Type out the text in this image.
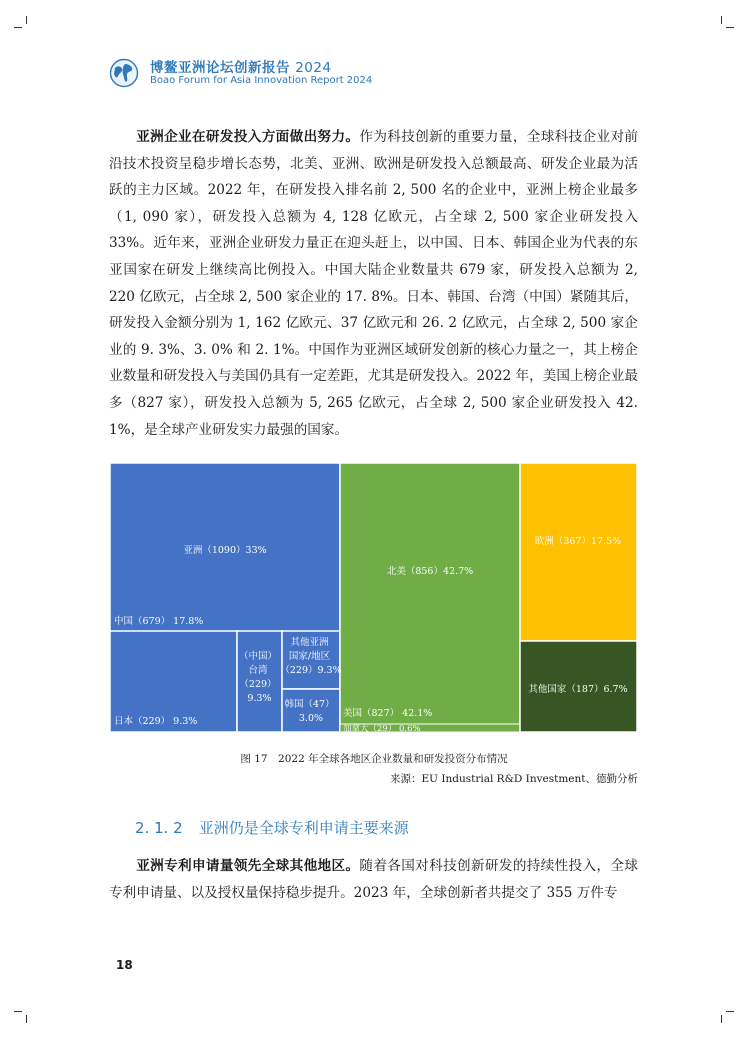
博鳌亚洲论坛创新报告 2024
Boao Forum for Asia Innovation Report 2024
亚洲企业在研发投入方面做出努力。作为科技创新的重要力量，全球科技企业对前沿技术投资呈稳步增长态势，北美、亚洲、欧洲是研发投入总额最高、研发企业最为活跃的主力区域。2022 年，在研发投入排名前 2, 500 名的企业中，亚洲上榜企业最多（1, 090 家），研发投入总额为 4, 128 亿欧元，占全球 2, 500 家企业研发投入 33%。近年来，亚洲企业研发力量正在迎头赶上，以中国、日本、韩国企业为代表的东亚国家在研发上继续高比例投入。中国大陆企业数量共 679 家，研发投入总额为 2, 220 亿欧元，占全球 2, 500 家企业的 17. 8%。日本、韩国、台湾（中国）紧随其后，研发投入金额分别为 1, 162 亿欧元、37 亿欧元和 26. 2 亿欧元，占全球 2, 500 家企业的 9. 3%、3. 0% 和 2. 1%。中国作为亚洲区域研发创新的核心力量之一，其上榜企业数量和研发投入与美国仍具有一定差距，尤其是研发投入。2022 年，美国上榜企业最多（827 家），研发投入总额为 5, 265 亿欧元，占全球 2, 500 家企业研发投入 42. 1%，是全球产业研发实力最强的国家。
亚洲（1090）33%
中国（679） 17.8%
日本（229） 9.3%
（中国） 台湾 （229） 9.3%
其他亚洲 国家/地区 （229）9.3%
韩国（47） 3.0%
北美（856）42.7%
美国（827） 42.1%
加拿大（29） 0.6%
欧洲（367）17.5%
其他国家（187）6.7%
图 17　2022 年全球各地区企业数量和研发投资分布情况
来源：EU Industrial R&D Investment、德勤分析
2. 1. 2 亚洲仍是全球专利申请主要来源
亚洲专利申请量领先全球其他地区。随着各国对科技创新研发的持续性投入，全球专利申请量、以及授权量保持稳步提升。2023 年，全球创新者共提交了 355 万件专
18
